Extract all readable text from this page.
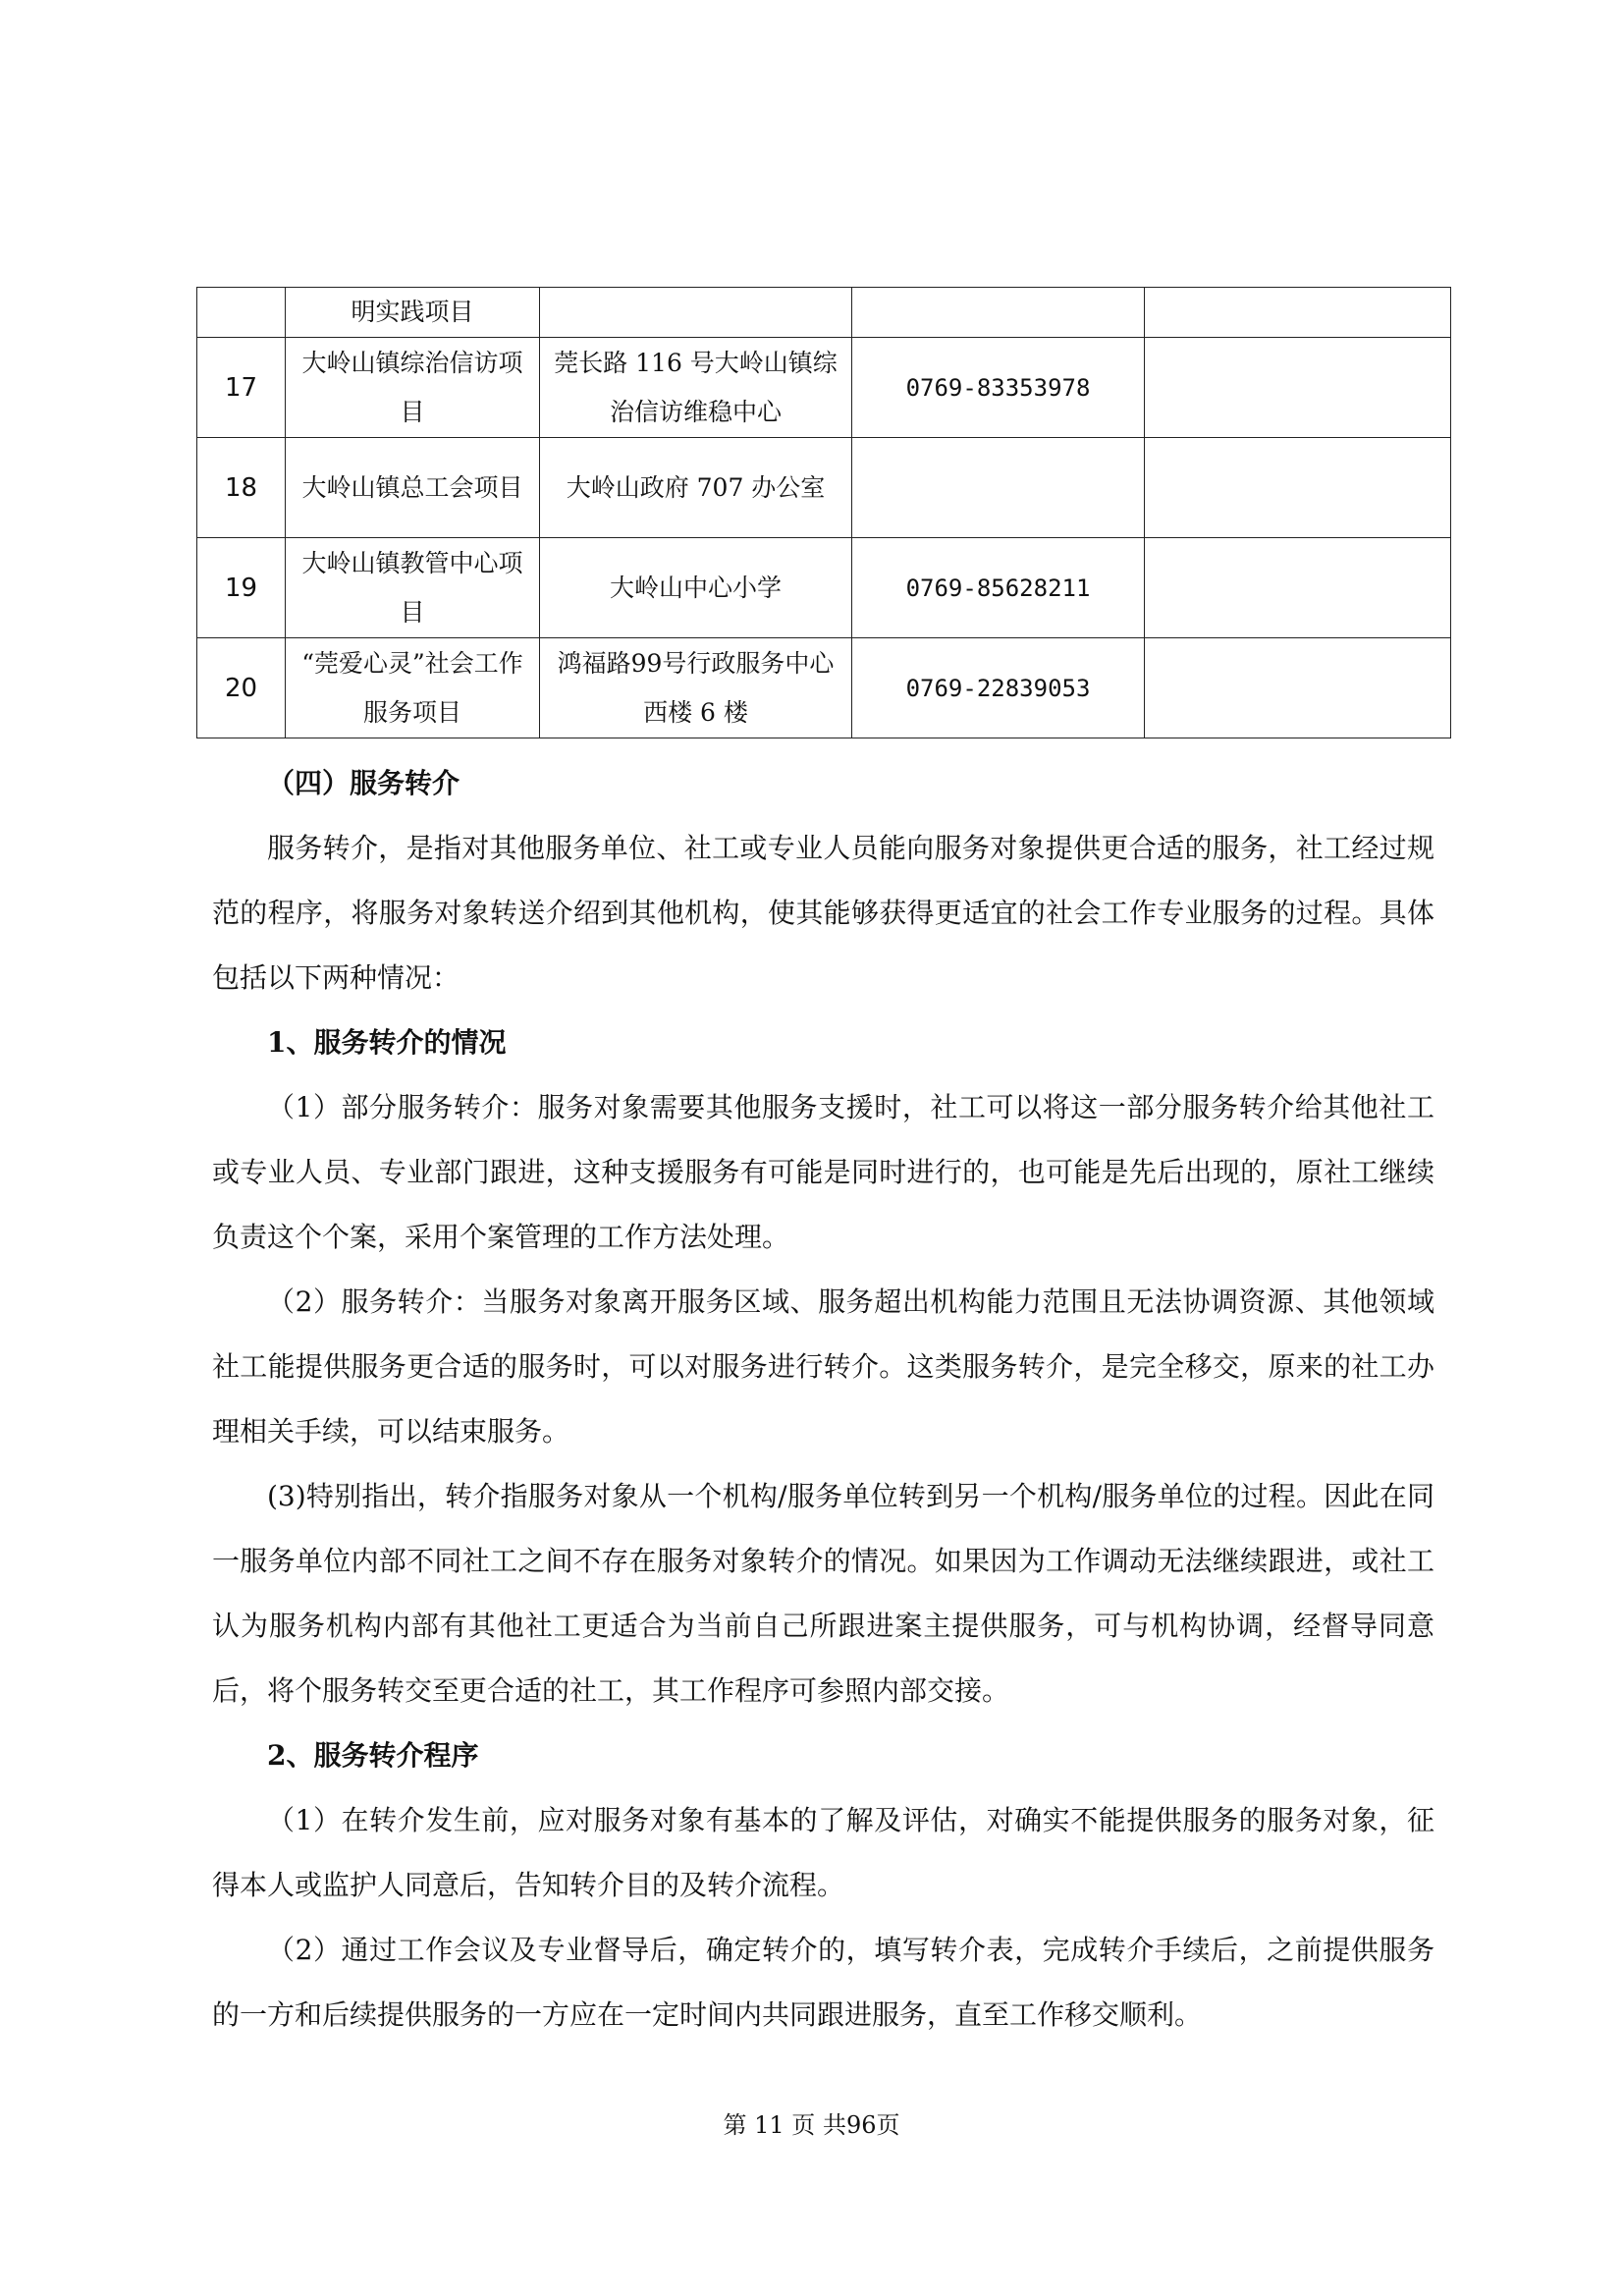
	明实践项目			
17	大岭山镇综治信访项目	莞长路 116 号大岭山镇综治信访维稳中心	0769-83353978	
18	大岭山镇总工会项目	大岭山政府 707 办公室		
19	大岭山镇教管中心项目	大岭山中心小学	0769-85628211	
20	“莞爱心灵”社会工作服务项目	鸿福路99号行政服务中心西楼 6 楼	0769-22839053	
（四）服务转介

服务转介，是指对其他服务单位、社工或专业人员能向服务对象提供更合适的服务，社工经过规范的程序，将服务对象转送介绍到其他机构，使其能够获得更适宜的社会工作专业服务的过程。具体包括以下两种情况：

1、服务转介的情况

（1）部分服务转介：服务对象需要其他服务支援时，社工可以将这一部分服务转介给其他社工或专业人员、专业部门跟进，这种支援服务有可能是同时进行的，也可能是先后出现的，原社工继续负责这个个案，采用个案管理的工作方法处理。

（2）服务转介：当服务对象离开服务区域、服务超出机构能力范围且无法协调资源、其他领域社工能提供服务更合适的服务时，可以对服务进行转介。这类服务转介，是完全移交，原来的社工办理相关手续，可以结束服务。

(3)特别指出，转介指服务对象从一个机构/服务单位转到另一个机构/服务单位的过程。因此在同一服务单位内部不同社工之间不存在服务对象转介的情况。如果因为工作调动无法继续跟进，或社工认为服务机构内部有其他社工更适合为当前自己所跟进案主提供服务，可与机构协调，经督导同意后，将个服务转交至更合适的社工，其工作程序可参照内部交接。

2、服务转介程序

（1）在转介发生前，应对服务对象有基本的了解及评估，对确实不能提供服务的服务对象，征得本人或监护人同意后，告知转介目的及转介流程。

（2）通过工作会议及专业督导后，确定转介的，填写转介表，完成转介手续后，之前提供服务的一方和后续提供服务的一方应在一定时间内共同跟进服务，直至工作移交顺利。

第 11 页 共96页
